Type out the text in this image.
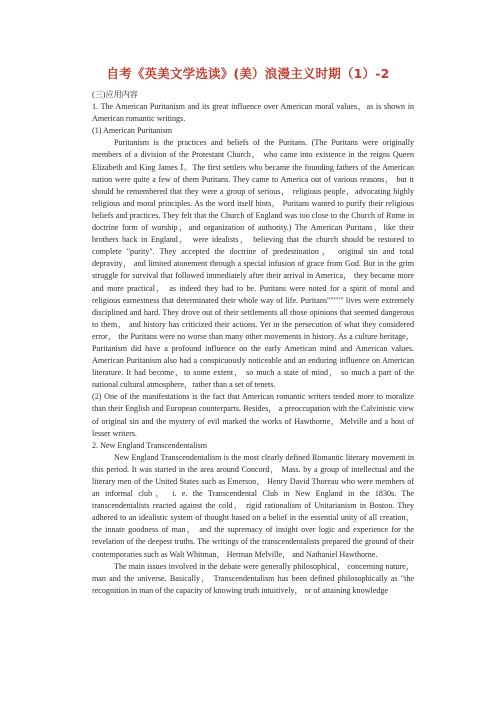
自考《英美文学选读》(美）浪漫主义时期（1）-2

(三)应用内容

1. The American Puritanism and its great influence over American moral values，as is shown in American romantic writings.

(1) American Puritanism

Puritanism is the practices and beliefs of the Puritans. (The Puritans were originally members of a division of the Protestant Church， who came into existence in the reigns Queen Elizabeth and King James Ⅰ。The first settlers who became the founding fathers of the American nation were quite a few of them Puritans. They came to America out of various reasons， but it should be remembered that they were a group of serious， religious people，advocating highly religious and moral principles. As the word itself hints， Puritans wanted to purify their religious beliefs and practices. They felt that the Church of England was too close to the Church of Rome in doctrine form of worship，and organization of authority.) The American Puritans，like their brothers back in England， were idealists， believing that the church should be restored to complete "purity". They accepted the doctrine of predestination， original sin and total depravity， and limited atonement through a special infusion of grace from God. But in the grim struggle for survival that followed immediately after their arrival in America， they became more and more practical， as indeed they had to be. Puritans were noted for a spirit of moral and religious earnestness that determinated their whole way of life. Puritans""""" lives were extremely disciplined and hard. They drove out of their settlements all those opinions that seemed dangerous to them， and history has criticized their actions. Yet in the persecution of what they considered error， the Puritans were no worse than many other movements in history. As a culture heritage， Puritanism did have a profound influence on the early American mind and American values. American Puritanism also had a conspicuously noticeable and an enduring influence on American literature. It had become，to some extent， so much a state of mind， so much a part of the national cultural atmosphere，rather than a set of tenets.

(2) One of the manifestations is the fact that American romantic writers tended more to moralize than their English and European counterparts. Besides， a preoccupation with the Calvinistic view of original sin and the mystery of evil marked the works of Hawthorne，Melville and a host of lesser writers.

2. New England Transcendentalism

New England Transcendentalism is the most clearly defined Romantic literary movement in this period. It was started in the area around Concord， Mass. by a group of intellectual and the literary men of the United States such as Emerson， Henry David Thoreau who were members of an informal club， i. e. the Transcendental Club in New England in the 1830s. The transcendentalists reacted against the cold， rigid rationalism of Unitarianism in Boston. They adhered to an idealistic system of thought based on a belief in the essential unity of all creation，the innate goodness of man， and the supremacy of insight over logic and experience for the revelation of the deepest truths. The writings of the transcendentalists prepared the ground of their contemporaries such as Walt Whitman， Herman Melville， and Nathaniel Hawthorne.

The main issues involved in the debate were generally philosophical， concerning nature，man and the universe. Basically， Transcendentalism has been defined philosophically as "the recognition in man of the capacity of knowing truth intuitively， or of attaining knowledge
